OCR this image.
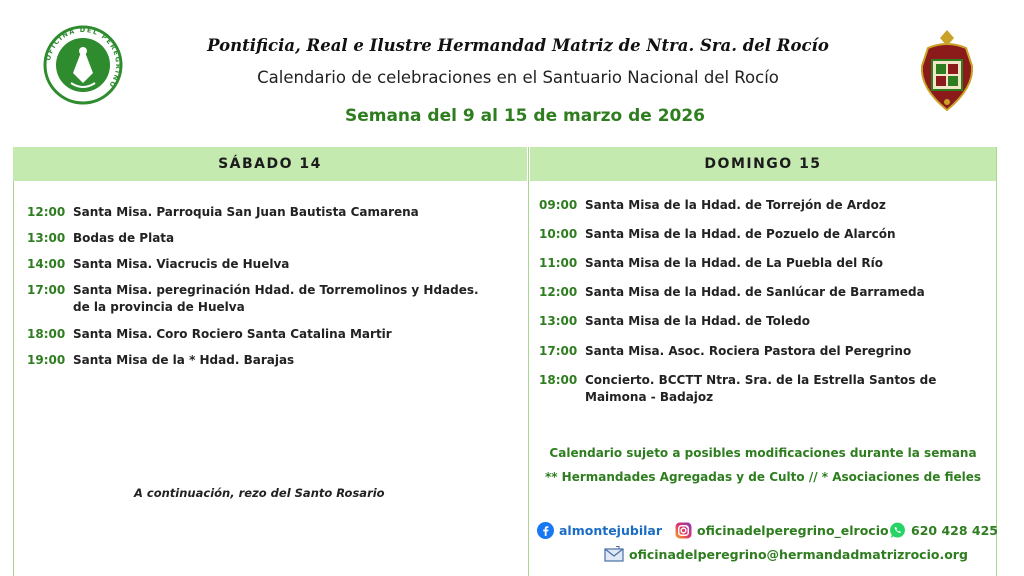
OFICINA DEL PEREGRINO
Pontificia, Real e Ilustre Hermandad Matriz de Ntra. Sra. del Rocío
Calendario de celebraciones en el Santuario Nacional del Rocío
Semana del 9 al 15 de marzo de 2026
SÁBADO 14	DOMINGO 15
12:00 Santa Misa. Parroquia San Juan Bautista Camarena
13:00 Bodas de Plata
14:00 Santa Misa. Viacrucis de Huelva
17:00 Santa Misa. peregrinación Hdad. de Torremolinos y Hdades. de la provincia de Huelva
18:00 Santa Misa. Coro Rociero Santa Catalina Martir
19:00 Santa Misa de la * Hdad. Barajas
A continuación, rezo del Santo Rosario
09:00 Santa Misa de la Hdad. de Torrejón de Ardoz
10:00 Santa Misa de la Hdad. de Pozuelo de Alarcón
11:00 Santa Misa de la Hdad. de La Puebla del Río
12:00 Santa Misa de la Hdad. de Sanlúcar de Barrameda
13:00 Santa Misa de la Hdad. de Toledo
17:00 Santa Misa. Asoc. Rociera Pastora del Peregrino
18:00 Concierto. BCCTT Ntra. Sra. de la Estrella Santos de Maimona - Badajoz
Calendario sujeto a posibles modificaciones durante la semana
** Hermandades Agregadas y de Culto // * Asociaciones de fieles
almontejubilar	oficinadelperegrino_elrocio 620 428 425
oficinadelperegrino@hermandadmatrizrocio.org
